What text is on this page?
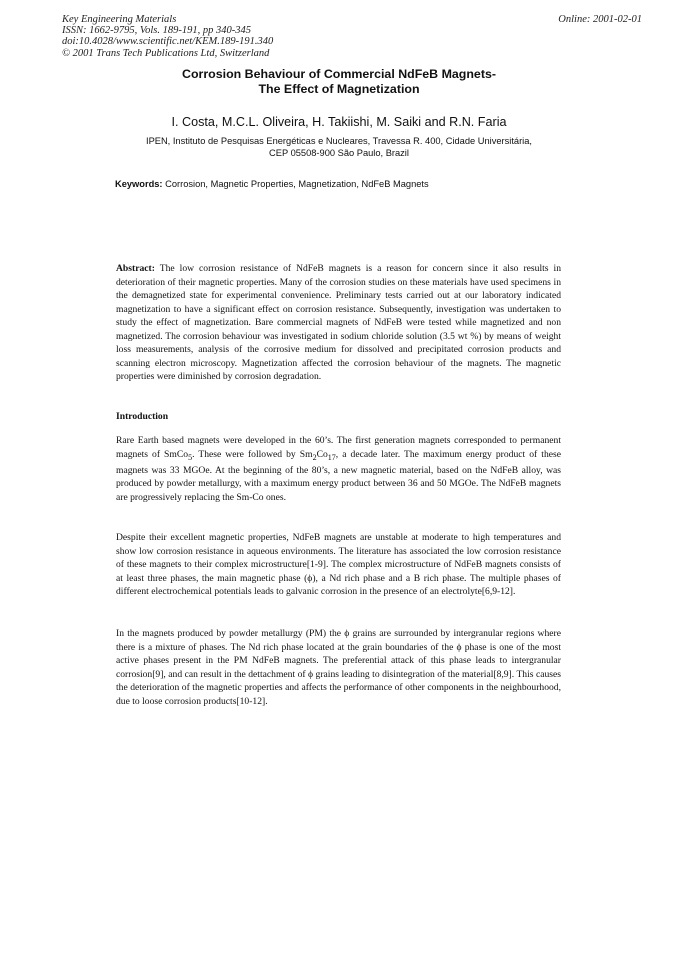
Key Engineering Materials
ISSN: 1662-9795, Vols. 189-191, pp 340-345
doi:10.4028/www.scientific.net/KEM.189-191.340
© 2001 Trans Tech Publications Ltd, Switzerland
Online: 2001-02-01
Corrosion Behaviour of Commercial NdFeB Magnets-
The Effect of Magnetization
I. Costa, M.C.L. Oliveira, H. Takiishi, M. Saiki and R.N. Faria
IPEN, Instituto de Pesquisas Energéticas e Nucleares, Travessa R. 400, Cidade Universitária,
CEP 05508-900 São Paulo, Brazil
Keywords: Corrosion, Magnetic Properties, Magnetization, NdFeB Magnets
Abstract: The low corrosion resistance of NdFeB magnets is a reason for concern since it also results in deterioration of their magnetic properties. Many of the corrosion studies on these materials have used specimens in the demagnetized state for experimental convenience. Preliminary tests carried out at our laboratory indicated magnetization to have a significant effect on corrosion resistance. Subsequently, investigation was undertaken to study the effect of magnetization. Bare commercial magnets of NdFeB were tested while magnetized and non magnetized. The corrosion behaviour was investigated in sodium chloride solution (3.5 wt %) by means of weight loss measurements, analysis of the corrosive medium for dissolved and precipitated corrosion products and scanning electron microscopy. Magnetization affected the corrosion behaviour of the magnets. The magnetic properties were diminished by corrosion degradation.
Introduction
Rare Earth based magnets were developed in the 60’s. The first generation magnets corresponded to permanent magnets of SmCo$_5$. These were followed by $Sm_2Co_{17}$, a decade later. The maximum energy product of these magnets was 33 MGOe. At the beginning of the 80’s, a new magnetic material, based on the NdFeB alloy, was produced by powder metallurgy, with a maximum energy product between 36 and 50 MGOe. The NdFeB magnets are progressively replacing the Sm-Co ones.
Despite their excellent magnetic properties, NdFeB magnets are unstable at moderate to high temperatures and show low corrosion resistance in aqueous environments. The literature has associated the low corrosion resistance of these magnets to their complex microstructure[1-9]. The complex microstructure of NdFeB magnets consists of at least three phases, the main magnetic phase (ϕ), a Nd rich phase and a B rich phase. The multiple phases of different electrochemical potentials leads to galvanic corrosion in the presence of an electrolyte[6,9-12].
In the magnets produced by powder metallurgy (PM) the ϕ grains are surrounded by intergranular regions where there is a mixture of phases. The Nd rich phase located at the grain boundaries of the ϕ phase is one of the most active phases present in the PM NdFeB magnets. The preferential attack of this phase leads to intergranular corrosion[9], and can result in the dettachment of ϕ grains leading to disintegration of the material[8,9]. This causes the deterioration of the magnetic properties and affects the performance of other components in the neighbourhood, due to loose corrosion products[10-12].
